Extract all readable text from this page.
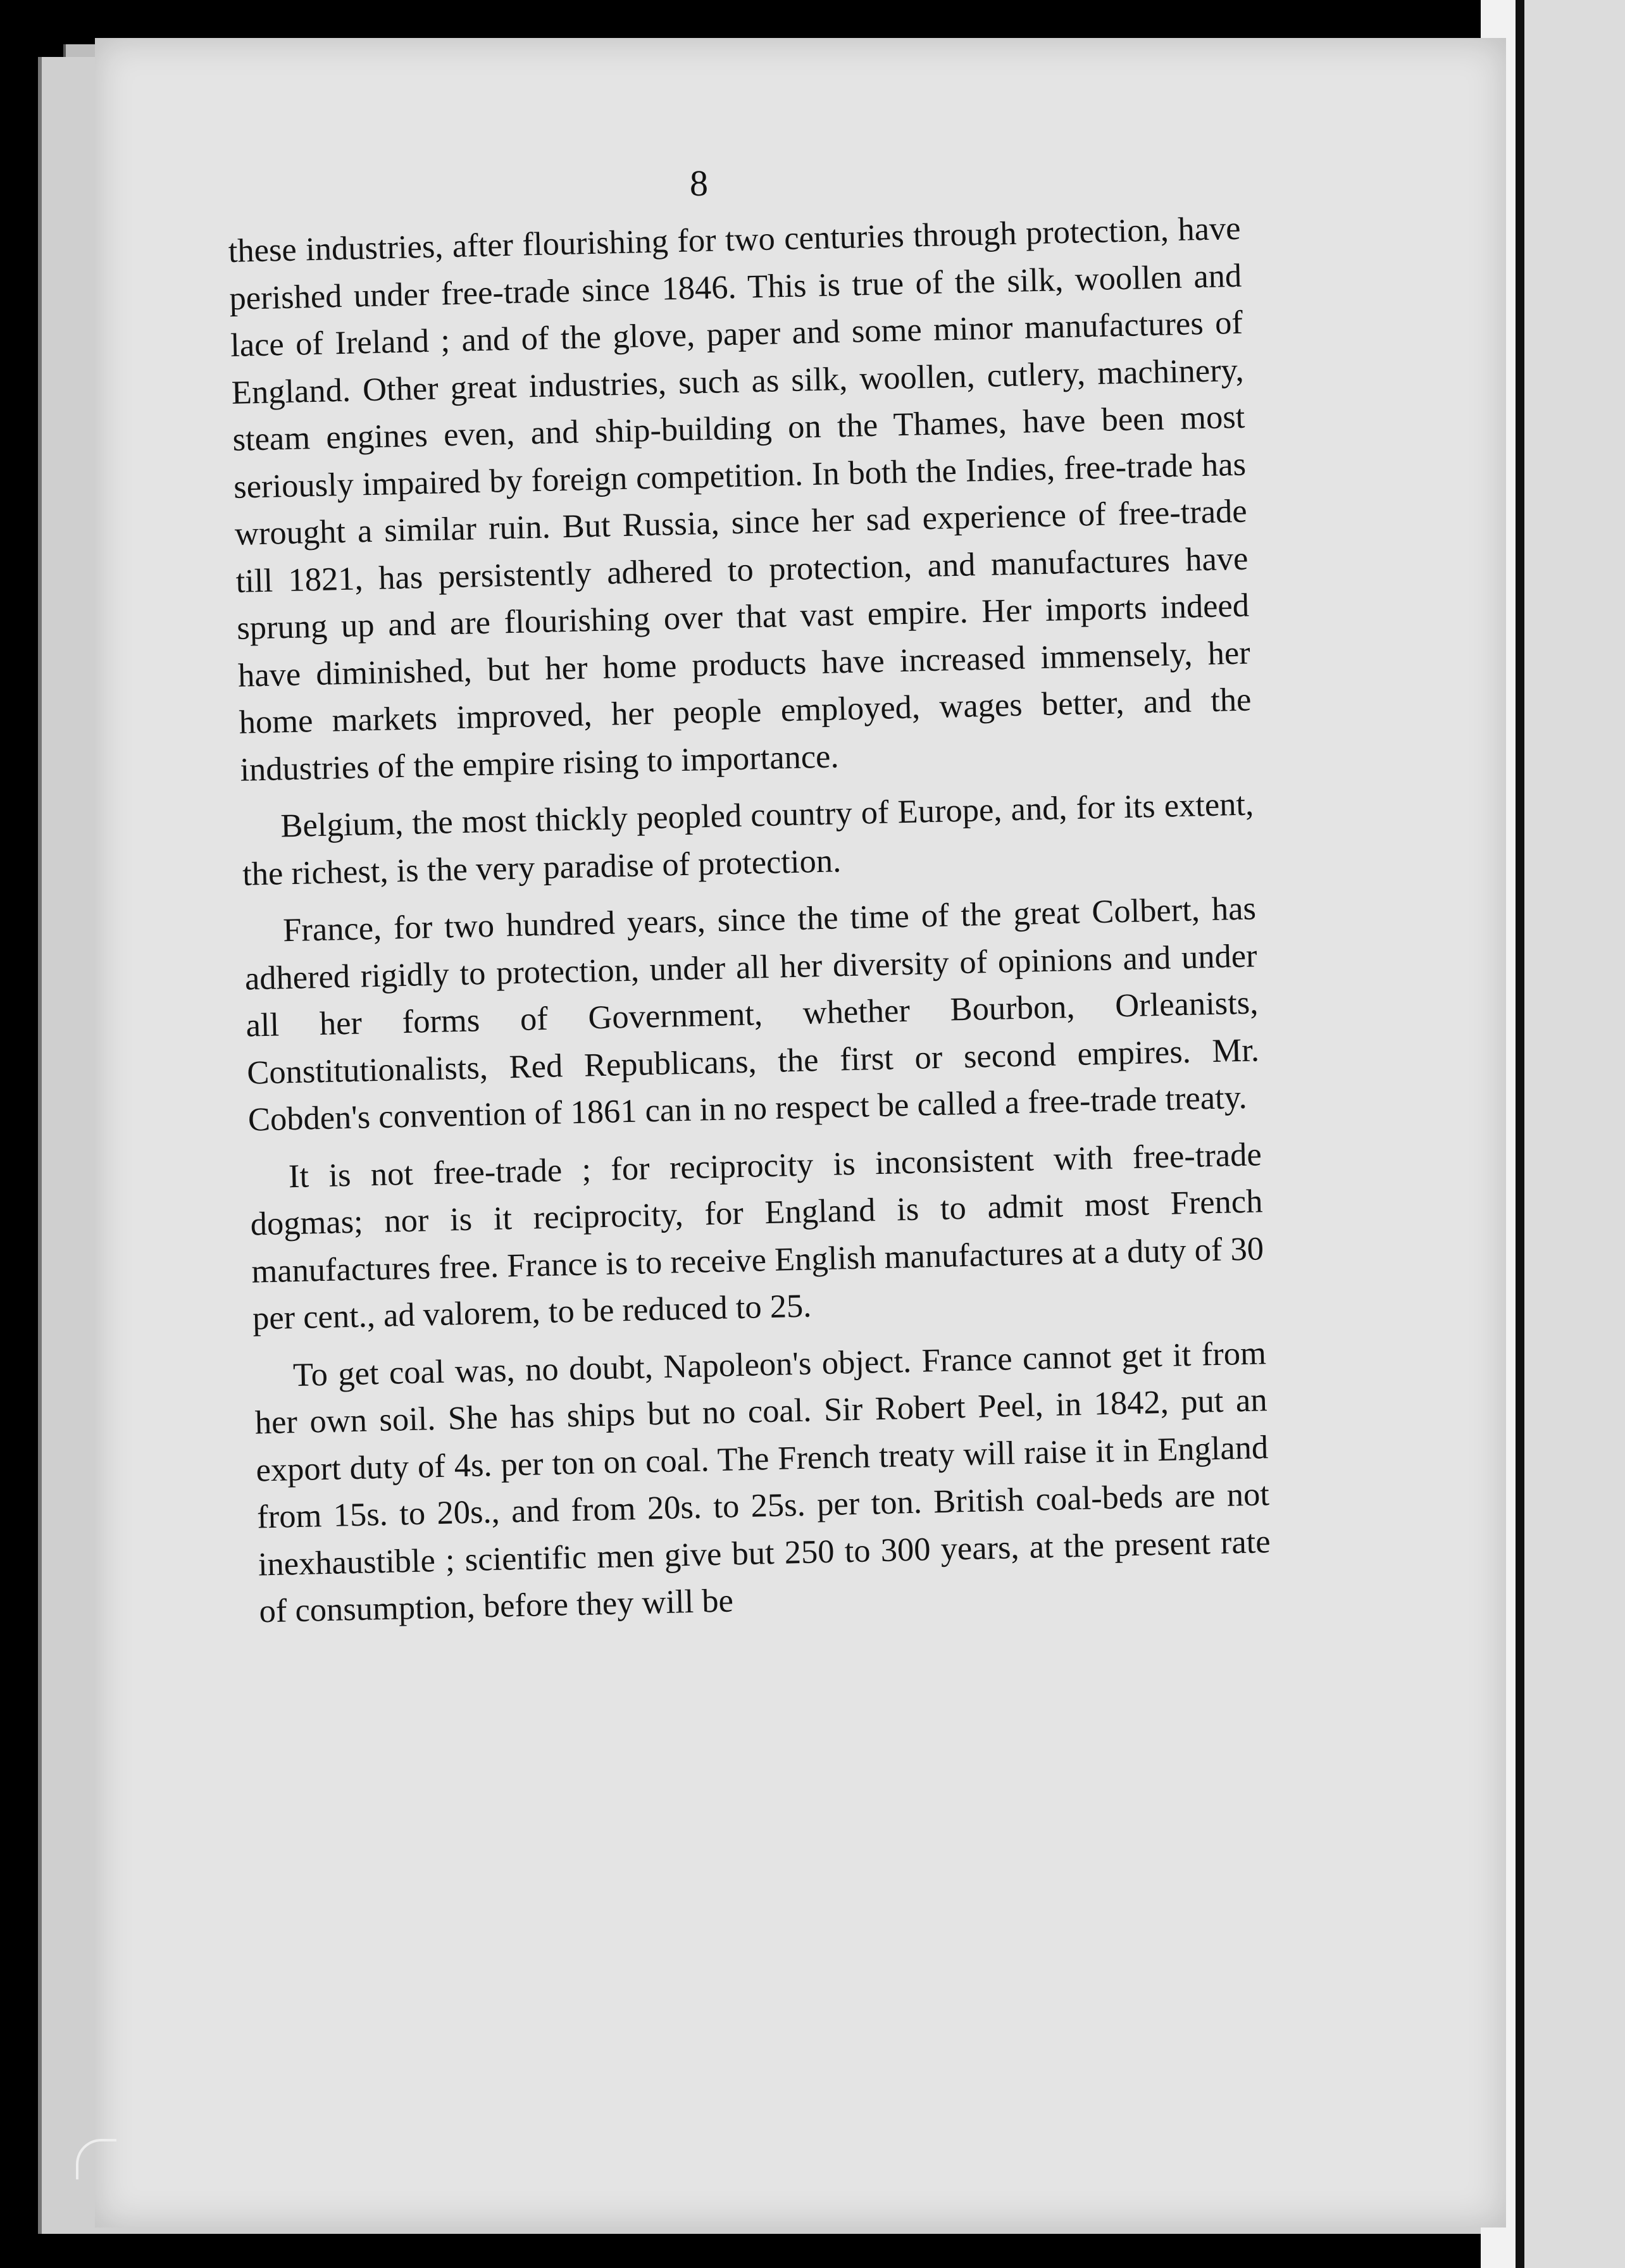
8

these industries, after flourishing for two centuries through protection, have perished under free-trade since 1846. This is true of the silk, woollen and lace of Ireland ; and of the glove, paper and some minor manufactures of England. Other great industries, such as silk, woollen, cutlery, machinery, steam engines even, and ship-building on the Thames, have been most seriously impaired by foreign competition. In both the Indies, free-trade has wrought a similar ruin. But Russia, since her sad experience of free-trade till 1821, has persistently adhered to protection, and manufactures have sprung up and are flourishing over that vast empire. Her imports indeed have diminished, but her home products have increased immensely, her home markets improved, her people employed, wages better, and the industries of the empire rising to importance.

Belgium, the most thickly peopled country of Europe, and, for its extent, the richest, is the very paradise of protection.

France, for two hundred years, since the time of the great Colbert, has adhered rigidly to protection, under all her diversity of opinions and under all her forms of Government, whether Bourbon, Orleanists, Constitutionalists, Red Republicans, the first or second empires. Mr. Cobden's convention of 1861 can in no respect be called a free-trade treaty.

It is not free-trade ; for reciprocity is inconsistent with free-trade dogmas; nor is it reciprocity, for England is to admit most French manufactures free. France is to receive English manufactures at a duty of 30 per cent., ad valorem, to be reduced to 25.

To get coal was, no doubt, Napoleon's object. France cannot get it from her own soil. She has ships but no coal. Sir Robert Peel, in 1842, put an export duty of 4s. per ton on coal. The French treaty will raise it in England from 15s. to 20s., and from 20s. to 25s. per ton. British coal-beds are not inexhaustible ; scientific men give but 250 to 300 years, at the present rate of consumption, before they will be
